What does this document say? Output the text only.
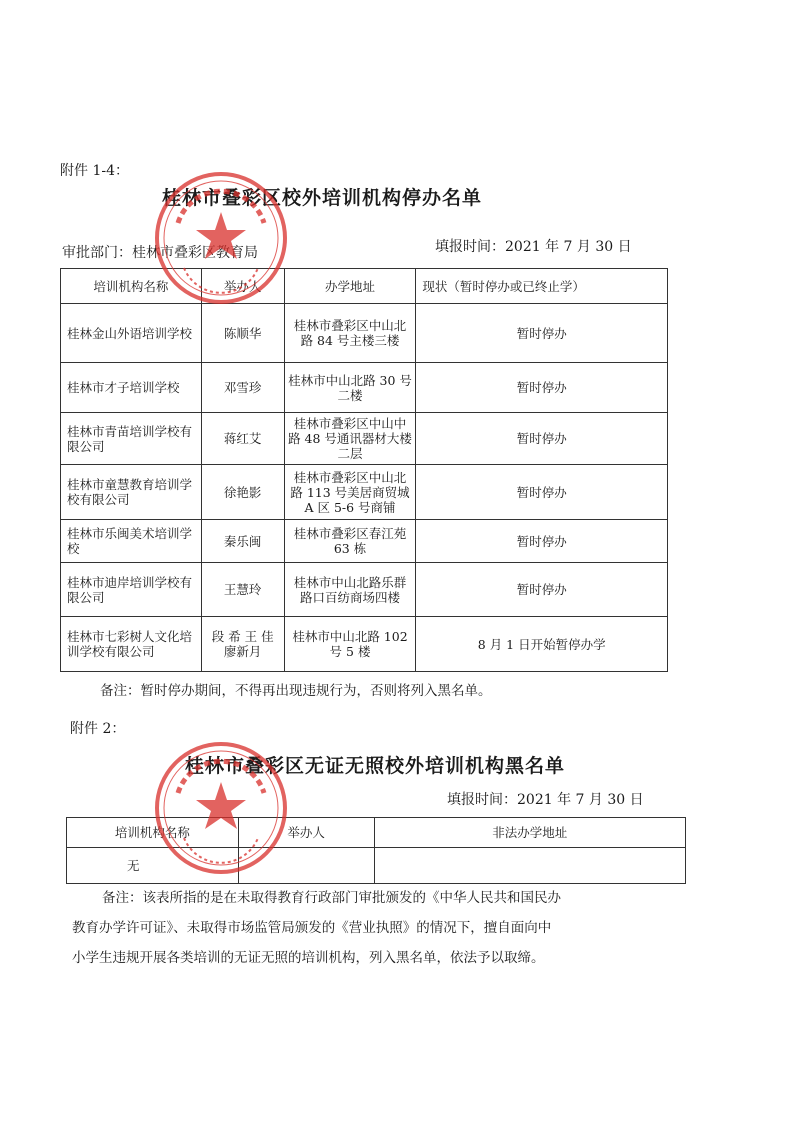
附件 1-4：
桂林市叠彩区校外培训机构停办名单
审批部门：桂林市叠彩区教育局	填报时间：2021 年 7 月 30 日
培训机构名称	举办人	办学地址	现状（暂时停办或已终止学）
桂林金山外语培训学校	陈顺华	桂林市叠彩区中山北路 84 号主楼三楼	暂时停办
桂林市才子培训学校	邓雪珍	桂林市中山北路 30 号二楼	暂时停办
桂林市青苗培训学校有限公司	蒋红艾	桂林市叠彩区中山中路 48 号通讯器材大楼二层	暂时停办
桂林市童慧教育培训学校有限公司	徐艳影	桂林市叠彩区中山北路 113 号美居商贸城 A 区 5-6 号商铺	暂时停办
桂林市乐闽美术培训学校	秦乐闽	桂林市叠彩区春江苑 63 栋	暂时停办
桂林市迪岸培训学校有限公司	王慧玲	桂林市中山北路乐群路口百纺商场四楼	暂时停办
桂林市七彩树人文化培训学校有限公司	段 希 王 佳 廖新月	桂林市中山北路 102 号 5 楼	8 月 1 日开始暂停办学
备注：暂时停办期间，不得再出现违规行为，否则将列入黑名单。
附件 2：
桂林市叠彩区无证无照校外培训机构黑名单
填报时间：2021 年 7 月 30 日
培训机构名称	举办人	非法办学地址
无		
备注：该表所指的是在未取得教育行政部门审批颁发的《中华人民共和国民办
教育办学许可证》、未取得市场监管局颁发的《营业执照》的情况下，擅自面向中
小学生违规开展各类培训的无证无照的培训机构，列入黑名单，依法予以取缔。
